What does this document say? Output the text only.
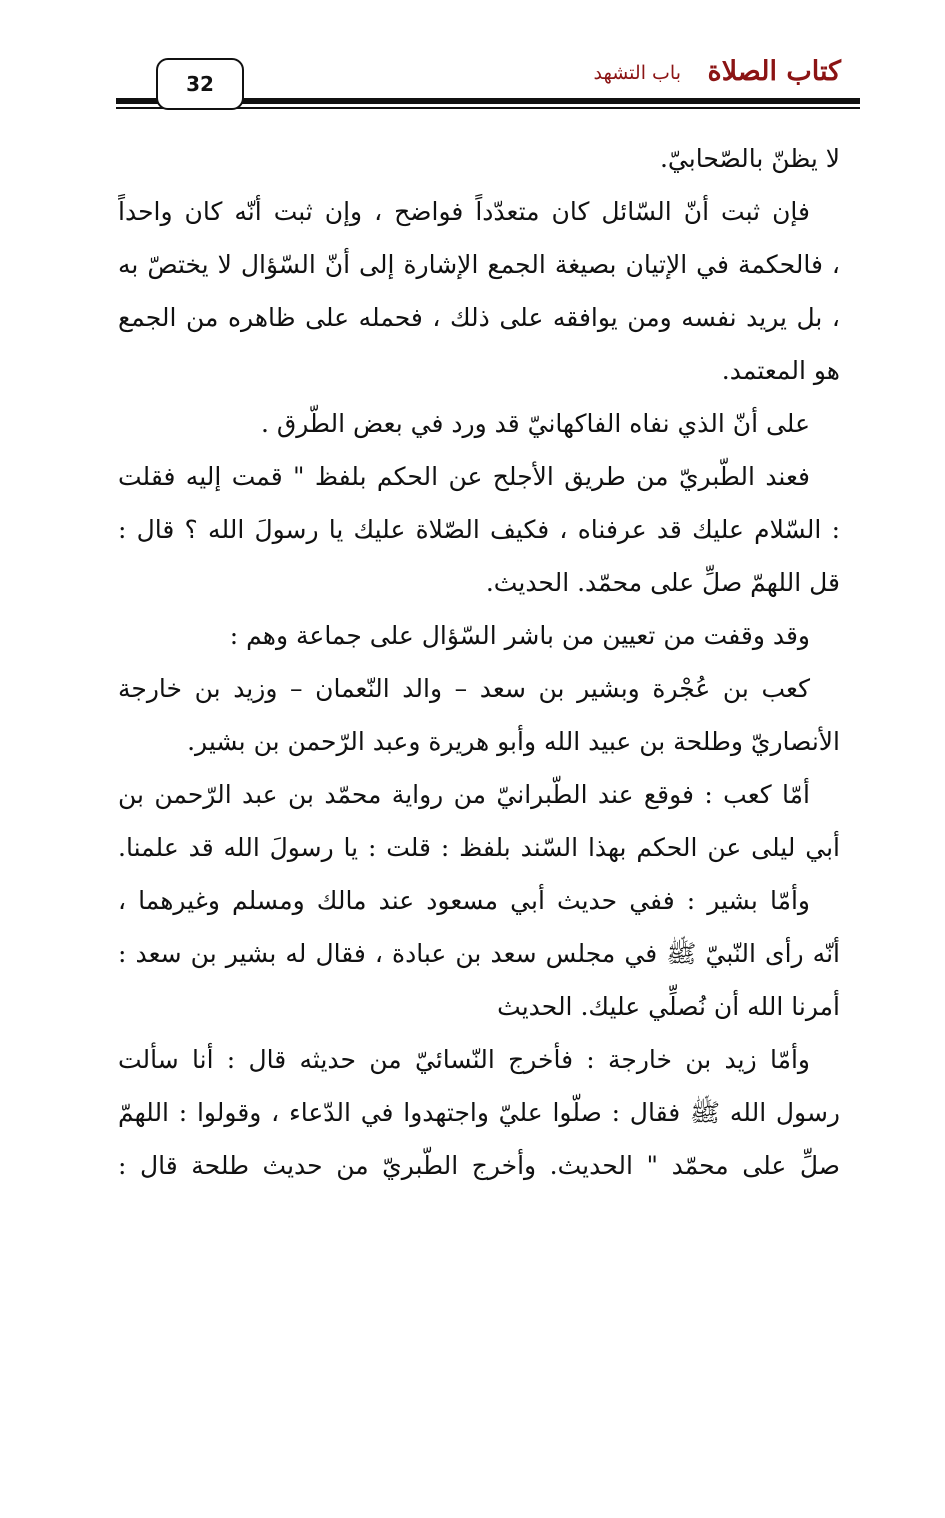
كتاب الصلاة
باب التشهد
32
لا يظنّ بالصّحابيّ.
فإن ثبت أنّ السّائل كان متعدّداً فواضح ، وإن ثبت أنّه كان واحداً
، فالحكمة في الإتيان بصيغة الجمع الإشارة إلى أنّ السّؤال لا يختصّ به
، بل يريد نفسه ومن يوافقه على ذلك ، فحمله على ظاهره من الجمع
هو المعتمد.
على أنّ الذي نفاه الفاكهانيّ قد ورد في بعض الطّرق .
فعند الطّبريّ من طريق الأجلح عن الحكم بلفظ " قمت إليه فقلت
: السّلام عليك قد عرفناه ، فكيف الصّلاة عليك يا رسولَ الله ؟ قال :
قل اللهمّ صلِّ على محمّد. الحديث.
وقد وقفت من تعيين من باشر السّؤال على جماعة وهم :
كعب بن عُجْرة وبشير بن سعد – والد النّعمان – وزيد بن خارجة
الأنصاريّ وطلحة بن عبيد الله وأبو هريرة وعبد الرّحمن بن بشير.
أمّا كعب : فوقع عند الطّبرانيّ من رواية محمّد بن عبد الرّحمن بن
أبي ليلى عن الحكم بهذا السّند بلفظ : قلت : يا رسولَ الله قد علمنا.
وأمّا بشير : ففي حديث أبي مسعود عند مالك ومسلم وغيرهما ،
أنّه رأى النّبيّ ﷺ في مجلس سعد بن عبادة ، فقال له بشير بن سعد :
أمرنا الله أن نُصلِّي عليك. الحديث
وأمّا زيد بن خارجة : فأخرج النّسائيّ من حديثه قال : أنا سألت
رسول الله ﷺ فقال : صلّوا عليّ واجتهدوا في الدّعاء ، وقولوا : اللهمّ
صلِّ على محمّد " الحديث. وأخرج الطّبريّ من حديث طلحة قال :
